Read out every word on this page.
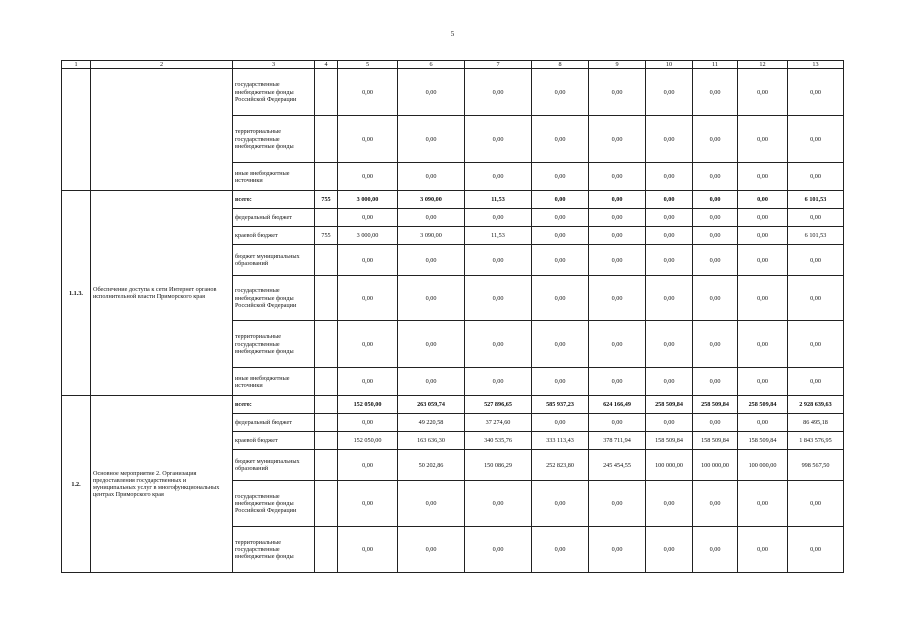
5
1	2	3	4	5	6	7	8	9	10	11	12	13
		государственные внебюджетные фонды Российской Федерации		0,00	0,00	0,00	0,00	0,00	0,00	0,00	0,00	0,00
		территориальные государственные внебюджетные фонды		0,00	0,00	0,00	0,00	0,00	0,00	0,00	0,00	0,00
		иные внебюджетные источники		0,00	0,00	0,00	0,00	0,00	0,00	0,00	0,00	0,00
1.1.3.	Обеспечение доступа к сети Интернет органов исполнительной власти Приморского края	всего:	755	3 000,00	3 090,00	11,53	0,00	0,00	0,00	0,00	0,00	6 101,53
		федеральный бюджет		0,00	0,00	0,00	0,00	0,00	0,00	0,00	0,00	0,00
		краевой бюджет	755	3 000,00	3 090,00	11,53	0,00	0,00	0,00	0,00	0,00	6 101,53
		бюджет муниципальных образований		0,00	0,00	0,00	0,00	0,00	0,00	0,00	0,00	0,00
		государственные внебюджетные фонды Российской Федерации		0,00	0,00	0,00	0,00	0,00	0,00	0,00	0,00	0,00
		территориальные государственные внебюджетные фонды		0,00	0,00	0,00	0,00	0,00	0,00	0,00	0,00	0,00
		иные внебюджетные источники		0,00	0,00	0,00	0,00	0,00	0,00	0,00	0,00	0,00
1.2.	Основное мероприятие 2. Организация предоставления государственных и муниципальных услуг в многофункциональных центрах Приморского края	всего:		152 050,00	263 059,74	527 896,65	585 937,23	624 166,49	258 509,84	258 509,84	258 509,84	2 928 639,63
		федеральный бюджет		0,00	49 220,58	37 274,60	0,00	0,00	0,00	0,00	0,00	86 495,18
		краевой бюджет		152 050,00	163 636,30	340 535,76	333 113,43	378 711,94	158 509,84	158 509,84	158 509,84	1 843 576,95
		бюджет муниципальных образований		0,00	50 202,86	150 086,29	252 823,80	245 454,55	100 000,00	100 000,00	100 000,00	998 567,50
		государственные внебюджетные фонды Российской Федерации		0,00	0,00	0,00	0,00	0,00	0,00	0,00	0,00	0,00
		территориальные государственные внебюджетные фонды		0,00	0,00	0,00	0,00	0,00	0,00	0,00	0,00	0,00
